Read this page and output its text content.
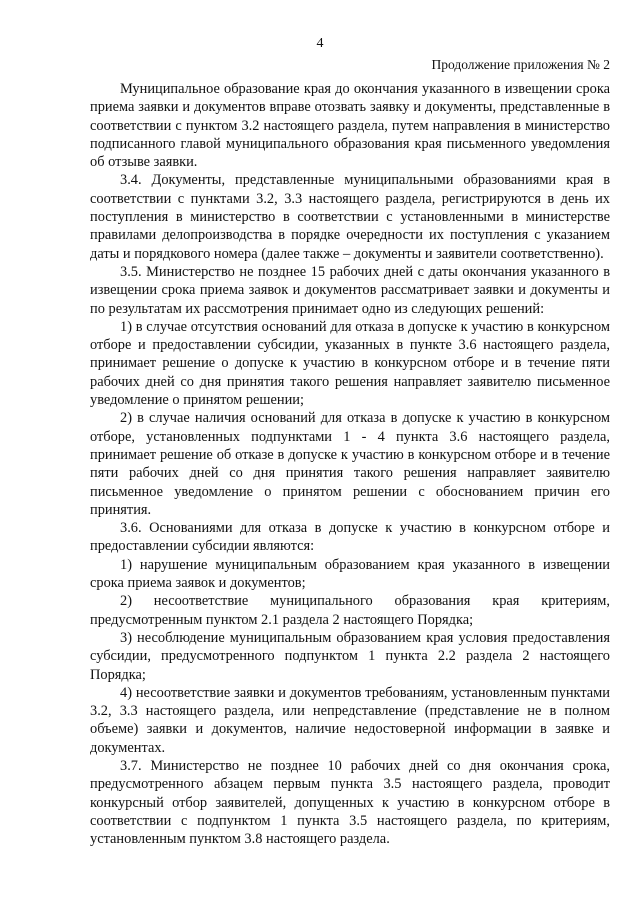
4
Продолжение приложения № 2

Муниципальное образование края до окончания указанного в извещении срока приема заявки и документов вправе отозвать заявку и документы, представленные в соответствии с пунктом 3.2 настоящего раздела, путем направления в министерство подписанного главой муниципального образования края письменного уведомления об отзыве заявки.

3.4. Документы, представленные муниципальными образованиями края в соответствии с пунктами 3.2, 3.3 настоящего раздела, регистрируются в день их поступления в министерство в соответствии с установленными в министерстве правилами делопроизводства в порядке очередности их поступления с указанием даты и порядкового номера (далее также – документы и заявители соответственно).

3.5. Министерство не позднее 15 рабочих дней с даты окончания указанного в извещении срока приема заявок и документов рассматривает заявки и документы и по результатам их рассмотрения принимает одно из следующих решений:

1) в случае отсутствия оснований для отказа в допуске к участию в конкурсном отборе и предоставлении субсидии, указанных в пункте 3.6 настоящего раздела, принимает решение о допуске к участию в конкурсном отборе и в течение пяти рабочих дней со дня принятия такого решения направляет заявителю письменное уведомление о принятом решении;

2) в случае наличия оснований для отказа в допуске к участию в конкурсном отборе, установленных подпунктами 1 - 4 пункта 3.6 настоящего раздела, принимает решение об отказе в допуске к участию в конкурсном отборе и в течение пяти рабочих дней со дня принятия такого решения направляет заявителю письменное уведомление о принятом решении с обоснованием причин его принятия.

3.6. Основаниями для отказа в допуске к участию в конкурсном отборе и предоставлении субсидии являются:

1) нарушение муниципальным образованием края указанного в извещении срока приема заявок и документов;

2) несоответствие муниципального образования края критериям, предусмотренным пунктом 2.1 раздела 2 настоящего Порядка;

3) несоблюдение муниципальным образованием края условия предоставления субсидии, предусмотренного подпунктом 1 пункта 2.2 раздела 2 настоящего Порядка;

4) несоответствие заявки и документов требованиям, установленным пунктами 3.2, 3.3 настоящего раздела, или непредставление (представление не в полном объеме) заявки и документов, наличие недостоверной информации в заявке и документах.

3.7. Министерство не позднее 10 рабочих дней со дня окончания срока, предусмотренного абзацем первым пункта 3.5 настоящего раздела, проводит конкурсный отбор заявителей, допущенных к участию в конкурсном отборе в соответствии с подпунктом 1 пункта 3.5 настоящего раздела, по критериям, установленным пунктом 3.8 настоящего раздела.
